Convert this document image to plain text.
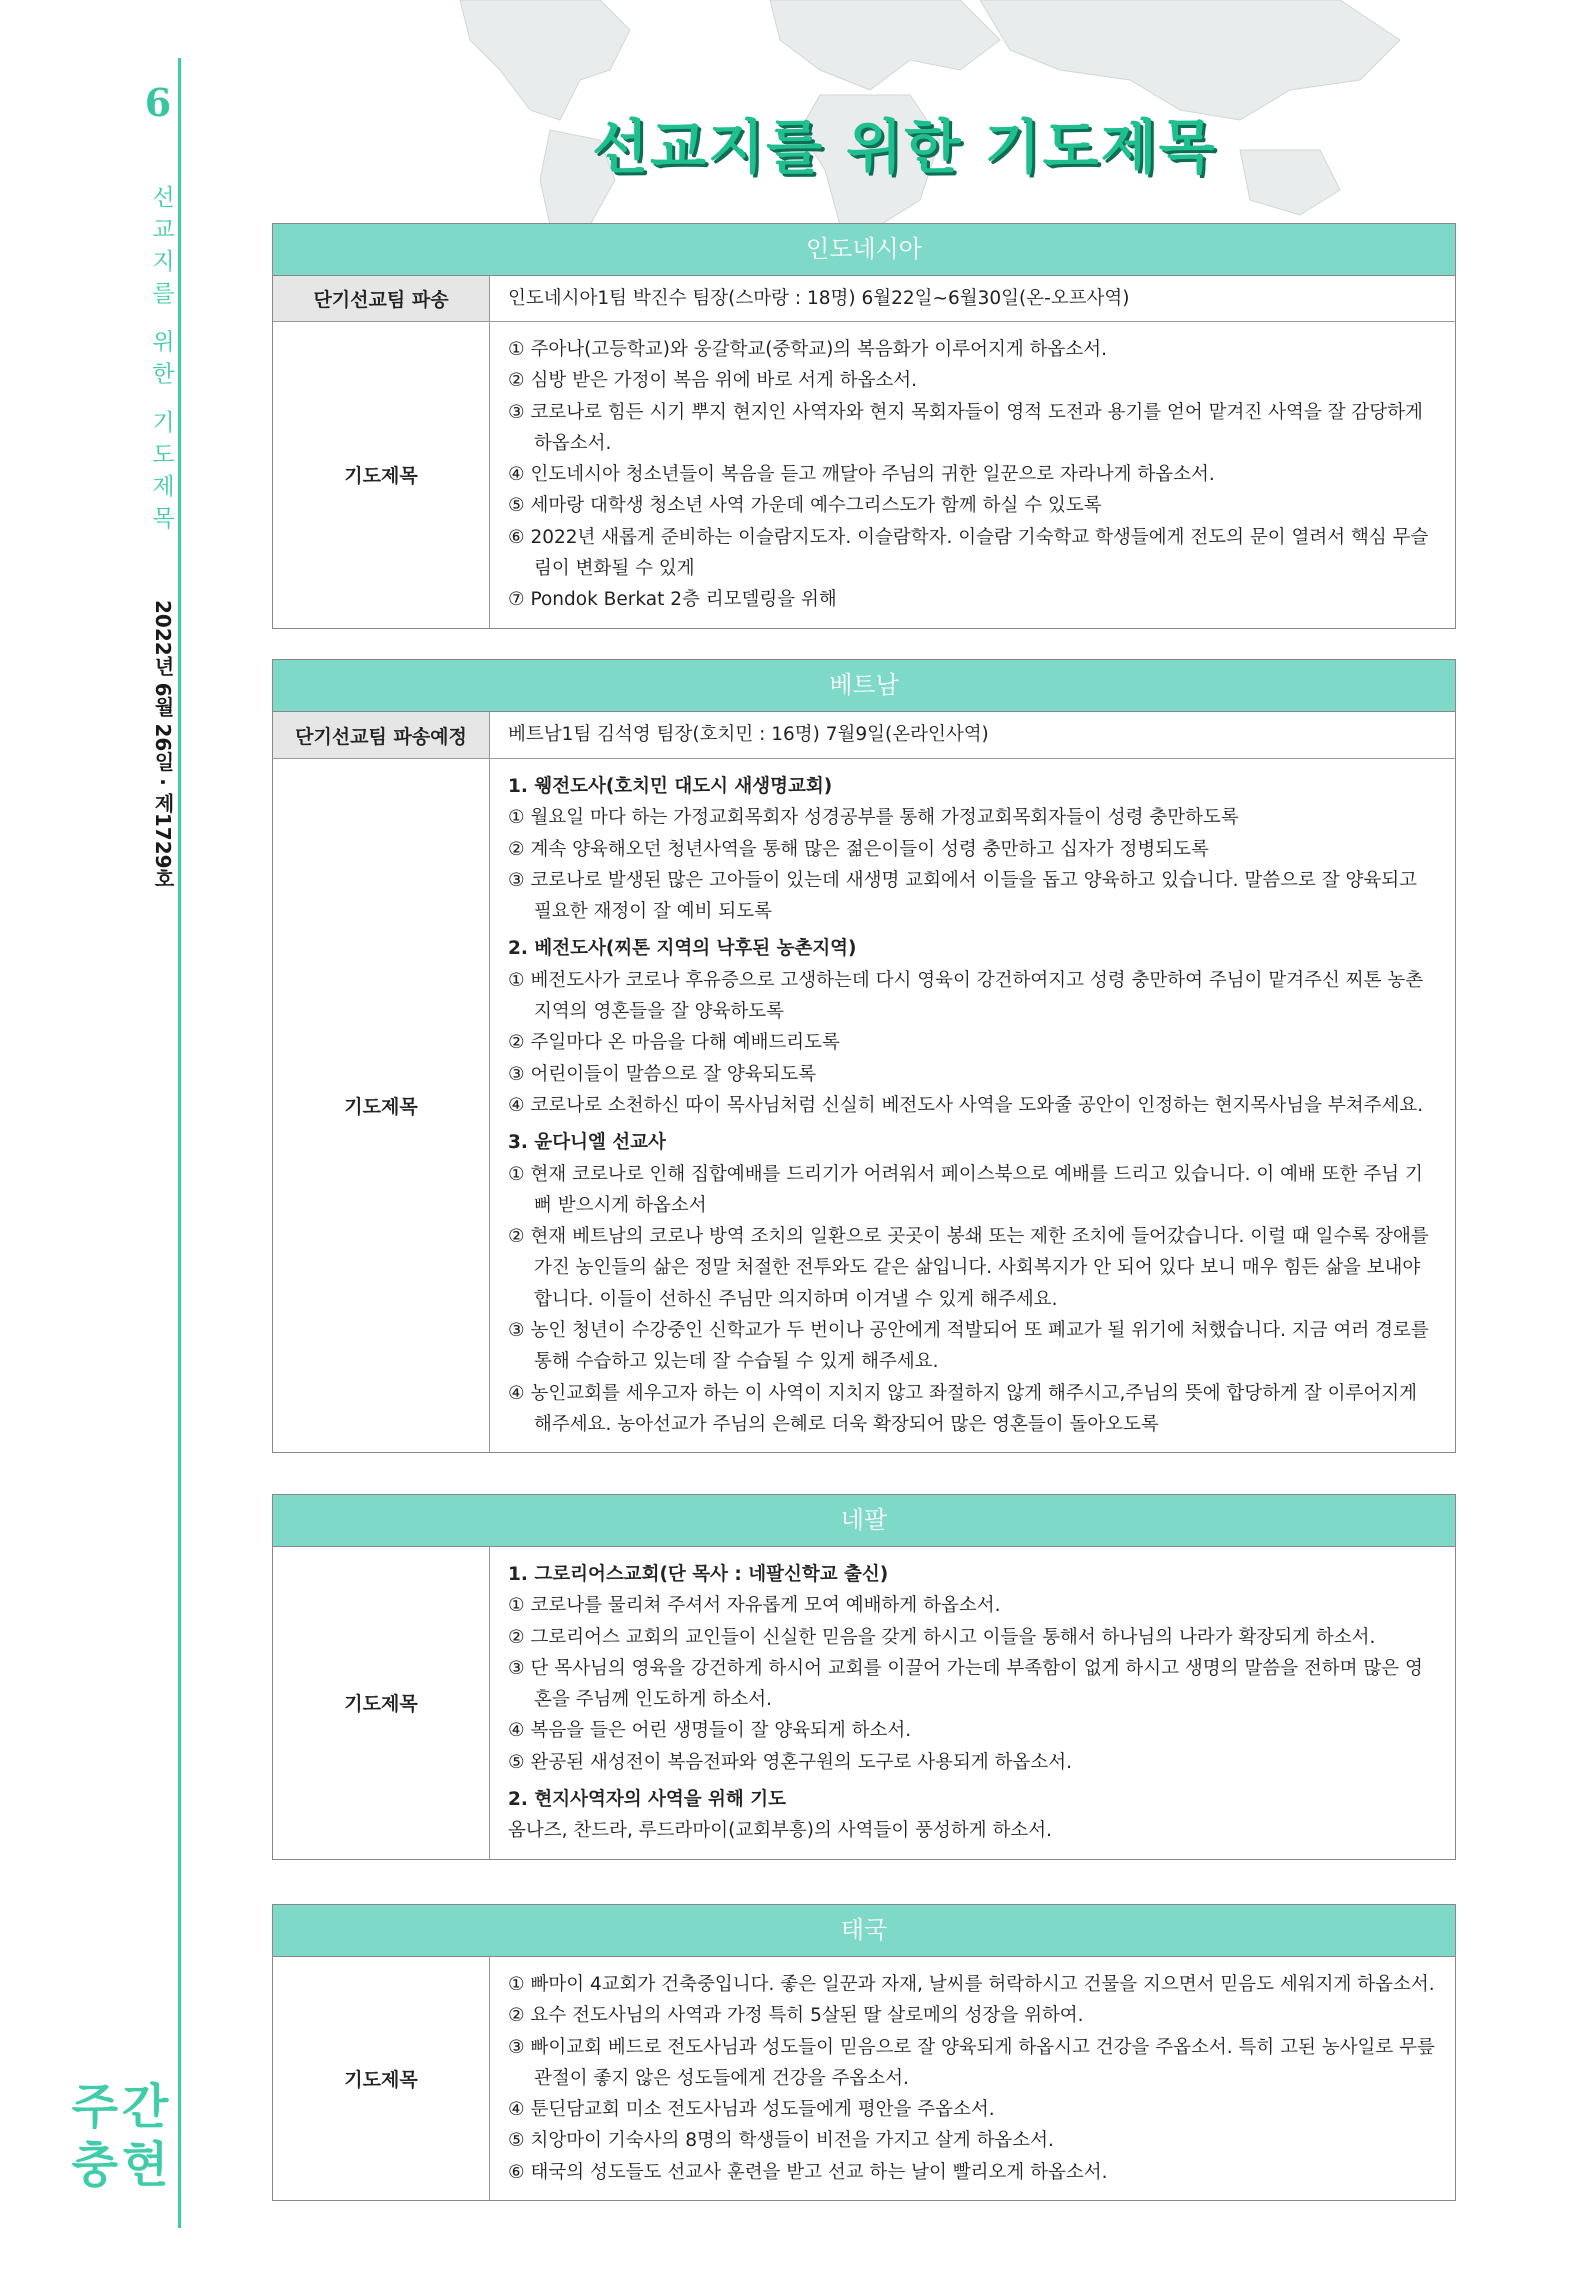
6
선교지를 위한 기도제목
2022년 6월 26일 · 제1729호
주간
충현
선교지를 위한 기도제목
인도네시아
단기선교팀 파송	인도네시아1팀 박진수 팀장(스마랑 : 18명) 6월22일~6월30일(온-오프사역)
기도제목

① 주아나(고등학교)와 웅갈학교(중학교)의 복음화가 이루어지게 하옵소서.

② 심방 받은 가정이 복음 위에 바로 서게 하옵소서.

③ 코로나로 힘든 시기 뿌지 현지인 사역자와 현지 목회자들이 영적 도전과 용기를 얻어 맡겨진 사역을 잘 감당하게 하옵소서.

④ 인도네시아 청소년들이 복음을 듣고 깨달아 주님의 귀한 일꾼으로 자라나게 하옵소서.

⑤ 세마랑 대학생 청소년 사역 가운데 예수그리스도가 함께 하실 수 있도록

⑥ 2022년 새롭게 준비하는 이슬람지도자. 이슬람학자. 이슬람 기숙학교 학생들에게 전도의 문이 열려서 핵심 무슬림이 변화될 수 있게

⑦ Pondok Berkat 2층 리모델링을 위해

베트남
단기선교팀 파송예정	베트남1팀 김석영 팀장(호치민 : 16명) 7월9일(온라인사역)
기도제목

1. 웽전도사(호치민 대도시 새생명교회)

① 월요일 마다 하는 가정교회목회자 성경공부를 통해 가정교회목회자들이 성령 충만하도록

② 계속 양육해오던 청년사역을 통해 많은 젊은이들이 성령 충만하고 십자가 정병되도록

③ 코로나로 발생된 많은 고아들이 있는데 새생명 교회에서 이들을 돕고 양육하고 있습니다. 말씀으로 잘 양육되고 필요한 재정이 잘 예비 되도록

2. 베전도사(찌톤 지역의 낙후된 농촌지역)

① 베전도사가 코로나 후유증으로 고생하는데 다시 영육이 강건하여지고 성령 충만하여 주님이 맡겨주신 찌톤 농촌지역의 영혼들을 잘 양육하도록

② 주일마다 온 마음을 다해 예배드리도록

③ 어린이들이 말씀으로 잘 양육되도록

④ 코로나로 소천하신 따이 목사님처럼 신실히 베전도사 사역을 도와줄 공안이 인정하는 현지목사님을 부쳐주세요.

3. 윤다니엘 선교사

① 현재 코로나로 인해 집합예배를 드리기가 어려워서 페이스북으로 예배를 드리고 있습니다. 이 예배 또한 주님 기뻐 받으시게 하옵소서

② 현재 베트남의 코로나 방역 조치의 일환으로 곳곳이 봉쇄 또는 제한 조치에 들어갔습니다. 이럴 때 일수록 장애를 가진 농인들의 삶은 정말 처절한 전투와도 같은 삶입니다. 사회복지가 안 되어 있다 보니 매우 힘든 삶을 보내야 합니다. 이들이 선하신 주님만 의지하며 이겨낼 수 있게 해주세요.

③ 농인 청년이 수강중인 신학교가 두 번이나 공안에게 적발되어 또 폐교가 될 위기에 처했습니다. 지금 여러 경로를 통해 수습하고 있는데 잘 수습될 수 있게 해주세요.

④ 농인교회를 세우고자 하는 이 사역이 지치지 않고 좌절하지 않게 해주시고,주님의 뜻에 합당하게 잘 이루어지게 해주세요. 농아선교가 주님의 은혜로 더욱 확장되어 많은 영혼들이 돌아오도록

네팔
기도제목

1. 그로리어스교회(단 목사 : 네팔신학교 출신)

① 코로나를 물리쳐 주셔서 자유롭게 모여 예배하게 하옵소서.

② 그로리어스 교회의 교인들이 신실한 믿음을 갖게 하시고 이들을 통해서 하나님의 나라가 확장되게 하소서.

③ 단 목사님의 영육을 강건하게 하시어 교회를 이끌어 가는데 부족함이 없게 하시고 생명의 말씀을 전하며 많은 영혼을 주님께 인도하게 하소서.

④ 복음을 들은 어린 생명들이 잘 양육되게 하소서.

⑤ 완공된 새성전이 복음전파와 영혼구원의 도구로 사용되게 하옵소서.

2. 현지사역자의 사역을 위해 기도

옴나즈, 찬드라, 루드라마이(교회부흥)의 사역들이 풍성하게 하소서.

태국
기도제목

① 빠마이 4교회가 건축중입니다. 좋은 일꾼과 자재, 날씨를 허락하시고 건물을 지으면서 믿음도 세워지게 하옵소서.

② 요수 전도사님의 사역과 가정 특히 5살된 딸 살로메의 성장을 위하여.

③ 빠이교회 베드로 전도사님과 성도들이 믿음으로 잘 양육되게 하옵시고 건강을 주옵소서. 특히 고된 농사일로 무릎 관절이 좋지 않은 성도들에게 건강을 주옵소서.

④ 툰딘담교회 미소 전도사님과 성도들에게 평안을 주옵소서.

⑤ 치앙마이 기숙사의 8명의 학생들이 비전을 가지고 살게 하옵소서.

⑥ 태국의 성도들도 선교사 훈련을 받고 선교 하는 날이 빨리오게 하옵소서.
